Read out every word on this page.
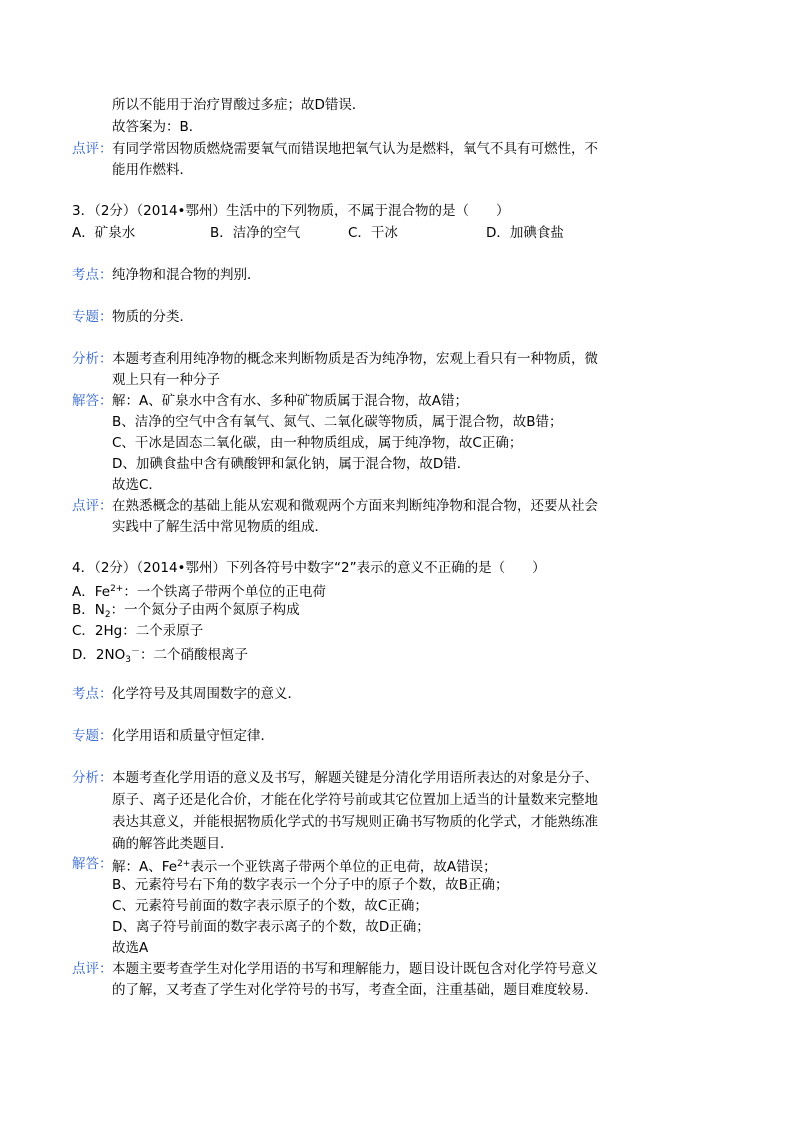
所以不能用于治疗胃酸过多症；故D错误．
故答案为：B．
点评： 有同学常因物质燃烧需要氧气而错误地把氧气认为是燃料，氧气不具有可燃性，不
能用作燃料．
3．（2分）（2014•鄂州）生活中的下列物质，不属于混合物的是（　　）
A．矿泉水	B．洁净的空气	C．干冰	D．加碘食盐
考点： 纯净物和混合物的判别．
专题： 物质的分类．
分析： 本题考查利用纯净物的概念来判断物质是否为纯净物，宏观上看只有一种物质，微
观上只有一种分子
解答： 解：A、矿泉水中含有水、多种矿物质属于混合物，故A错；
B、洁净的空气中含有氧气、氮气、二氧化碳等物质，属于混合物，故B错；
C、干冰是固态二氧化碳，由一种物质组成，属于纯净物，故C正确；
D、加碘食盐中含有碘酸钾和氯化钠，属于混合物，故D错．
故选C．
点评： 在熟悉概念的基础上能从宏观和微观两个方面来判断纯净物和混合物，还要从社会
实践中了解生活中常见物质的组成．
4．（2分）（2014•鄂州）下列各符号中数字“2”表示的意义不正确的是（　　）
A．$Fe^{2+}$：一个铁离子带两个单位的正电荷
B．$N_2$：一个氮分子由两个氮原子构成
C．2Hg：二个汞原子
D．$2NO_3^-$：二个硝酸根离子
考点： 化学符号及其周围数字的意义．
专题： 化学用语和质量守恒定律．
分析： 本题考查化学用语的意义及书写，解题关键是分清化学用语所表达的对象是分子、
原子、离子还是化合价，才能在化学符号前或其它位置加上适当的计量数来完整地
表达其意义，并能根据物质化学式的书写规则正确书写物质的化学式，才能熟练准
确的解答此类题目．
解答： 解：A、$Fe^{2+}$表示一个亚铁离子带两个单位的正电荷，故A错误；
B、元素符号右下角的数字表示一个分子中的原子个数，故B正确；
C、元素符号前面的数字表示原子的个数，故C正确；
D、离子符号前面的数字表示离子的个数，故D正确；
故选A
点评： 本题主要考查学生对化学用语的书写和理解能力，题目设计既包含对化学符号意义
的了解，又考查了学生对化学符号的书写，考查全面，注重基础，题目难度较易．
